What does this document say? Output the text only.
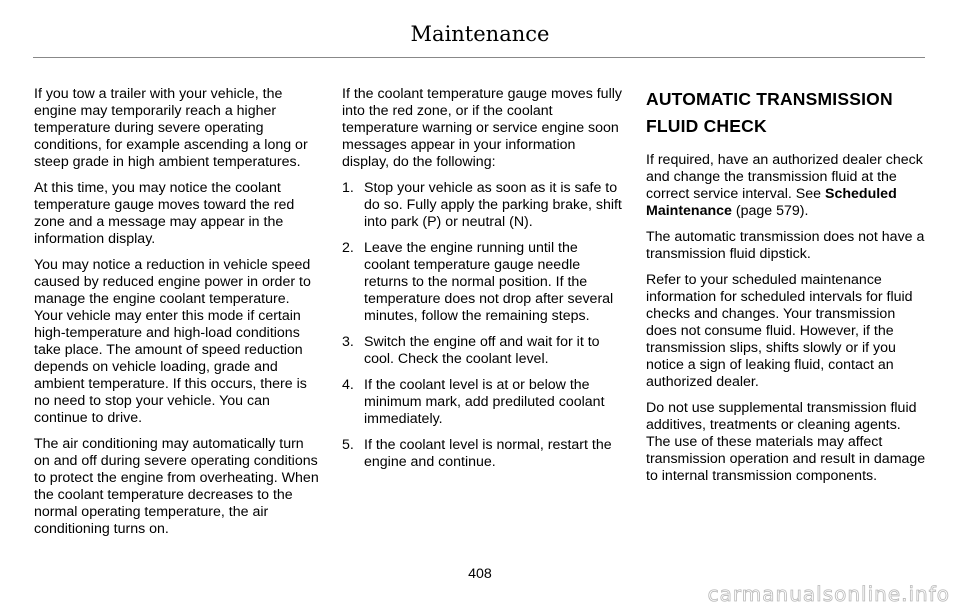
Maintenance

If you tow a trailer with your vehicle, the engine may temporarily reach a higher temperature during severe operating conditions, for example ascending a long or steep grade in high ambient temperatures.

At this time, you may notice the coolant temperature gauge moves toward the red zone and a message may appear in the information display.

You may notice a reduction in vehicle speed caused by reduced engine power in order to manage the engine coolant temperature. Your vehicle may enter this mode if certain high-temperature and high-load conditions take place. The amount of speed reduction depends on vehicle loading, grade and ambient temperature. If this occurs, there is no need to stop your vehicle. You can continue to drive.

The air conditioning may automatically turn on and off during severe operating conditions to protect the engine from overheating. When the coolant temperature decreases to the normal operating temperature, the air conditioning turns on.

If the coolant temperature gauge moves fully into the red zone, or if the coolant temperature warning or service engine soon messages appear in your information display, do the following:

1. Stop your vehicle as soon as it is safe to do so. Fully apply the parking brake, shift into park (P) or neutral (N).
2. Leave the engine running until the coolant temperature gauge needle returns to the normal position. If the temperature does not drop after several minutes, follow the remaining steps.
3. Switch the engine off and wait for it to cool. Check the coolant level.
4. If the coolant level is at or below the minimum mark, add prediluted coolant immediately.
5. If the coolant level is normal, restart the engine and continue.
AUTOMATIC TRANSMISSION
FLUID CHECK

If required, have an authorized dealer check and change the transmission fluid at the correct service interval. See Scheduled Maintenance (page 579).

The automatic transmission does not have a transmission fluid dipstick.

Refer to your scheduled maintenance information for scheduled intervals for fluid checks and changes. Your transmission does not consume fluid. However, if the transmission slips, shifts slowly or if you notice a sign of leaking fluid, contact an authorized dealer.

Do not use supplemental transmission fluid additives, treatments or cleaning agents. The use of these materials may affect transmission operation and result in damage to internal transmission components.

408
carmanualsonline.info
